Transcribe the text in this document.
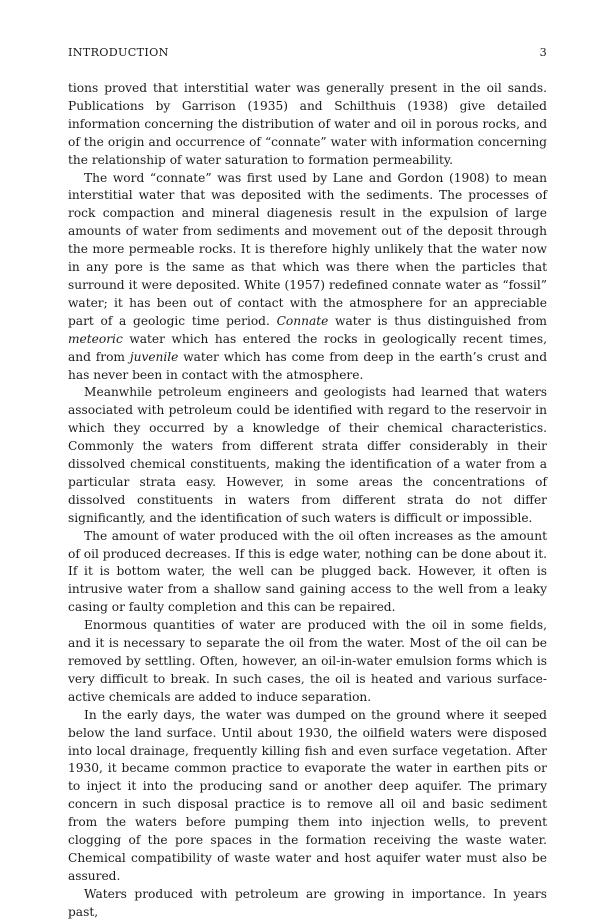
INTRODUCTION	3

tions proved that interstitial water was generally present in the oil sands. Publications by Garrison (1935) and Schilthuis (1938) give detailed information concerning the distribution of water and oil in porous rocks, and of the origin and occurrence of “connate” water with information concerning the relationship of water saturation to formation permeability.

The word “connate” was first used by Lane and Gordon (1908) to mean interstitial water that was deposited with the sediments. The processes of rock compaction and mineral diagenesis result in the expulsion of large amounts of water from sediments and movement out of the deposit through the more permeable rocks. It is therefore highly unlikely that the water now in any pore is the same as that which was there when the particles that surround it were deposited. White (1957) redefined connate water as “fossil” water; it has been out of contact with the atmosphere for an appreciable part of a geologic time period. Connate water is thus distinguished from meteoric water which has entered the rocks in geologically recent times, and from juvenile water which has come from deep in the earth’s crust and has never been in contact with the atmosphere.

Meanwhile petroleum engineers and geologists had learned that waters associated with petroleum could be identified with regard to the reservoir in which they occurred by a knowledge of their chemical characteristics. Commonly the waters from different strata differ considerably in their dissolved chemical constituents, making the identification of a water from a particular strata easy. However, in some areas the concentrations of dissolved constituents in waters from different strata do not differ significantly, and the identification of such waters is difficult or impossible.

The amount of water produced with the oil often increases as the amount of oil produced decreases. If this is edge water, nothing can be done about it. If it is bottom water, the well can be plugged back. However, it often is intrusive water from a shallow sand gaining access to the well from a leaky casing or faulty completion and this can be repaired.

Enormous quantities of water are produced with the oil in some fields, and it is necessary to separate the oil from the water. Most of the oil can be removed by settling. Often, however, an oil-in-water emulsion forms which is very difficult to break. In such cases, the oil is heated and various surface-active chemicals are added to induce separation.

In the early days, the water was dumped on the ground where it seeped below the land surface. Until about 1930, the oilfield waters were disposed into local drainage, frequently killing fish and even surface vegetation. After 1930, it became common practice to evaporate the water in earthen pits or to inject it into the producing sand or another deep aquifer. The primary concern in such disposal practice is to remove all oil and basic sediment from the waters before pumping them into injection wells, to prevent clogging of the pore spaces in the formation receiving the waste water. Chemical compatibility of waste water and host aquifer water must also be assured.

Waters produced with petroleum are growing in importance. In years past,
